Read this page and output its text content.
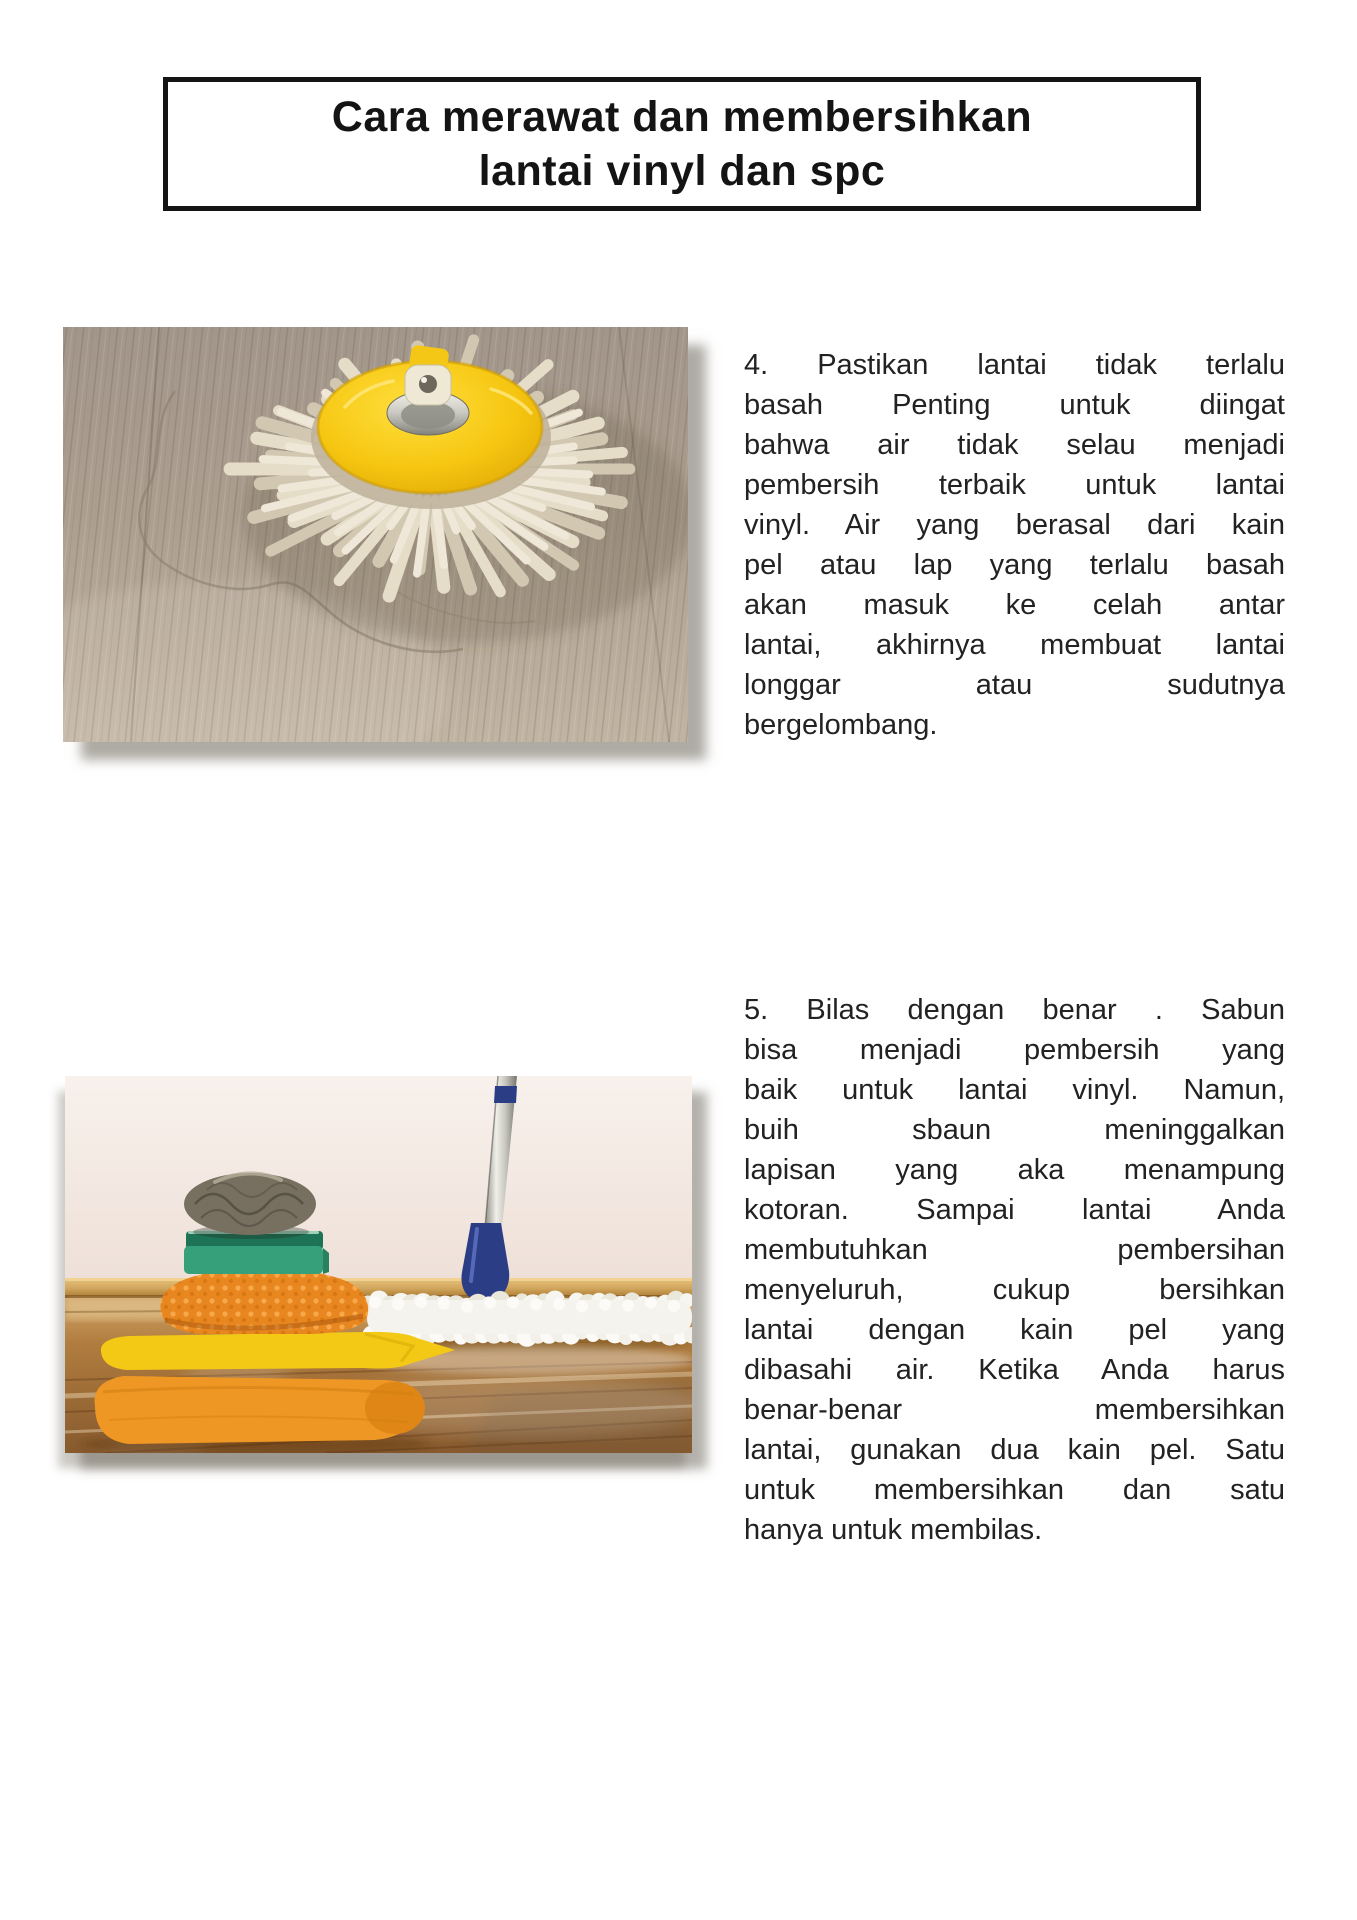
Cara merawat dan membersihkan
lantai vinyl dan spc
4. Pastikan lantai tidak terlalu
basah Penting untuk diingat
bahwa air tidak selau menjadi
pembersih terbaik untuk lantai
vinyl. Air yang berasal dari kain
pel atau lap yang terlalu basah
akan masuk ke celah antar
lantai, akhirnya membuat lantai
longgar atau sudutnya
bergelombang.
5. Bilas dengan benar . Sabun
bisa menjadi pembersih yang
baik untuk lantai vinyl. Namun,
buih sbaun meninggalkan
lapisan yang aka menampung
kotoran. Sampai lantai Anda
membutuhkan pembersihan
menyeluruh, cukup bersihkan
lantai dengan kain pel yang
dibasahi air. Ketika Anda harus
benar-benar membersihkan
lantai, gunakan dua kain pel. Satu
untuk membersihkan dan satu
hanya untuk membilas.
